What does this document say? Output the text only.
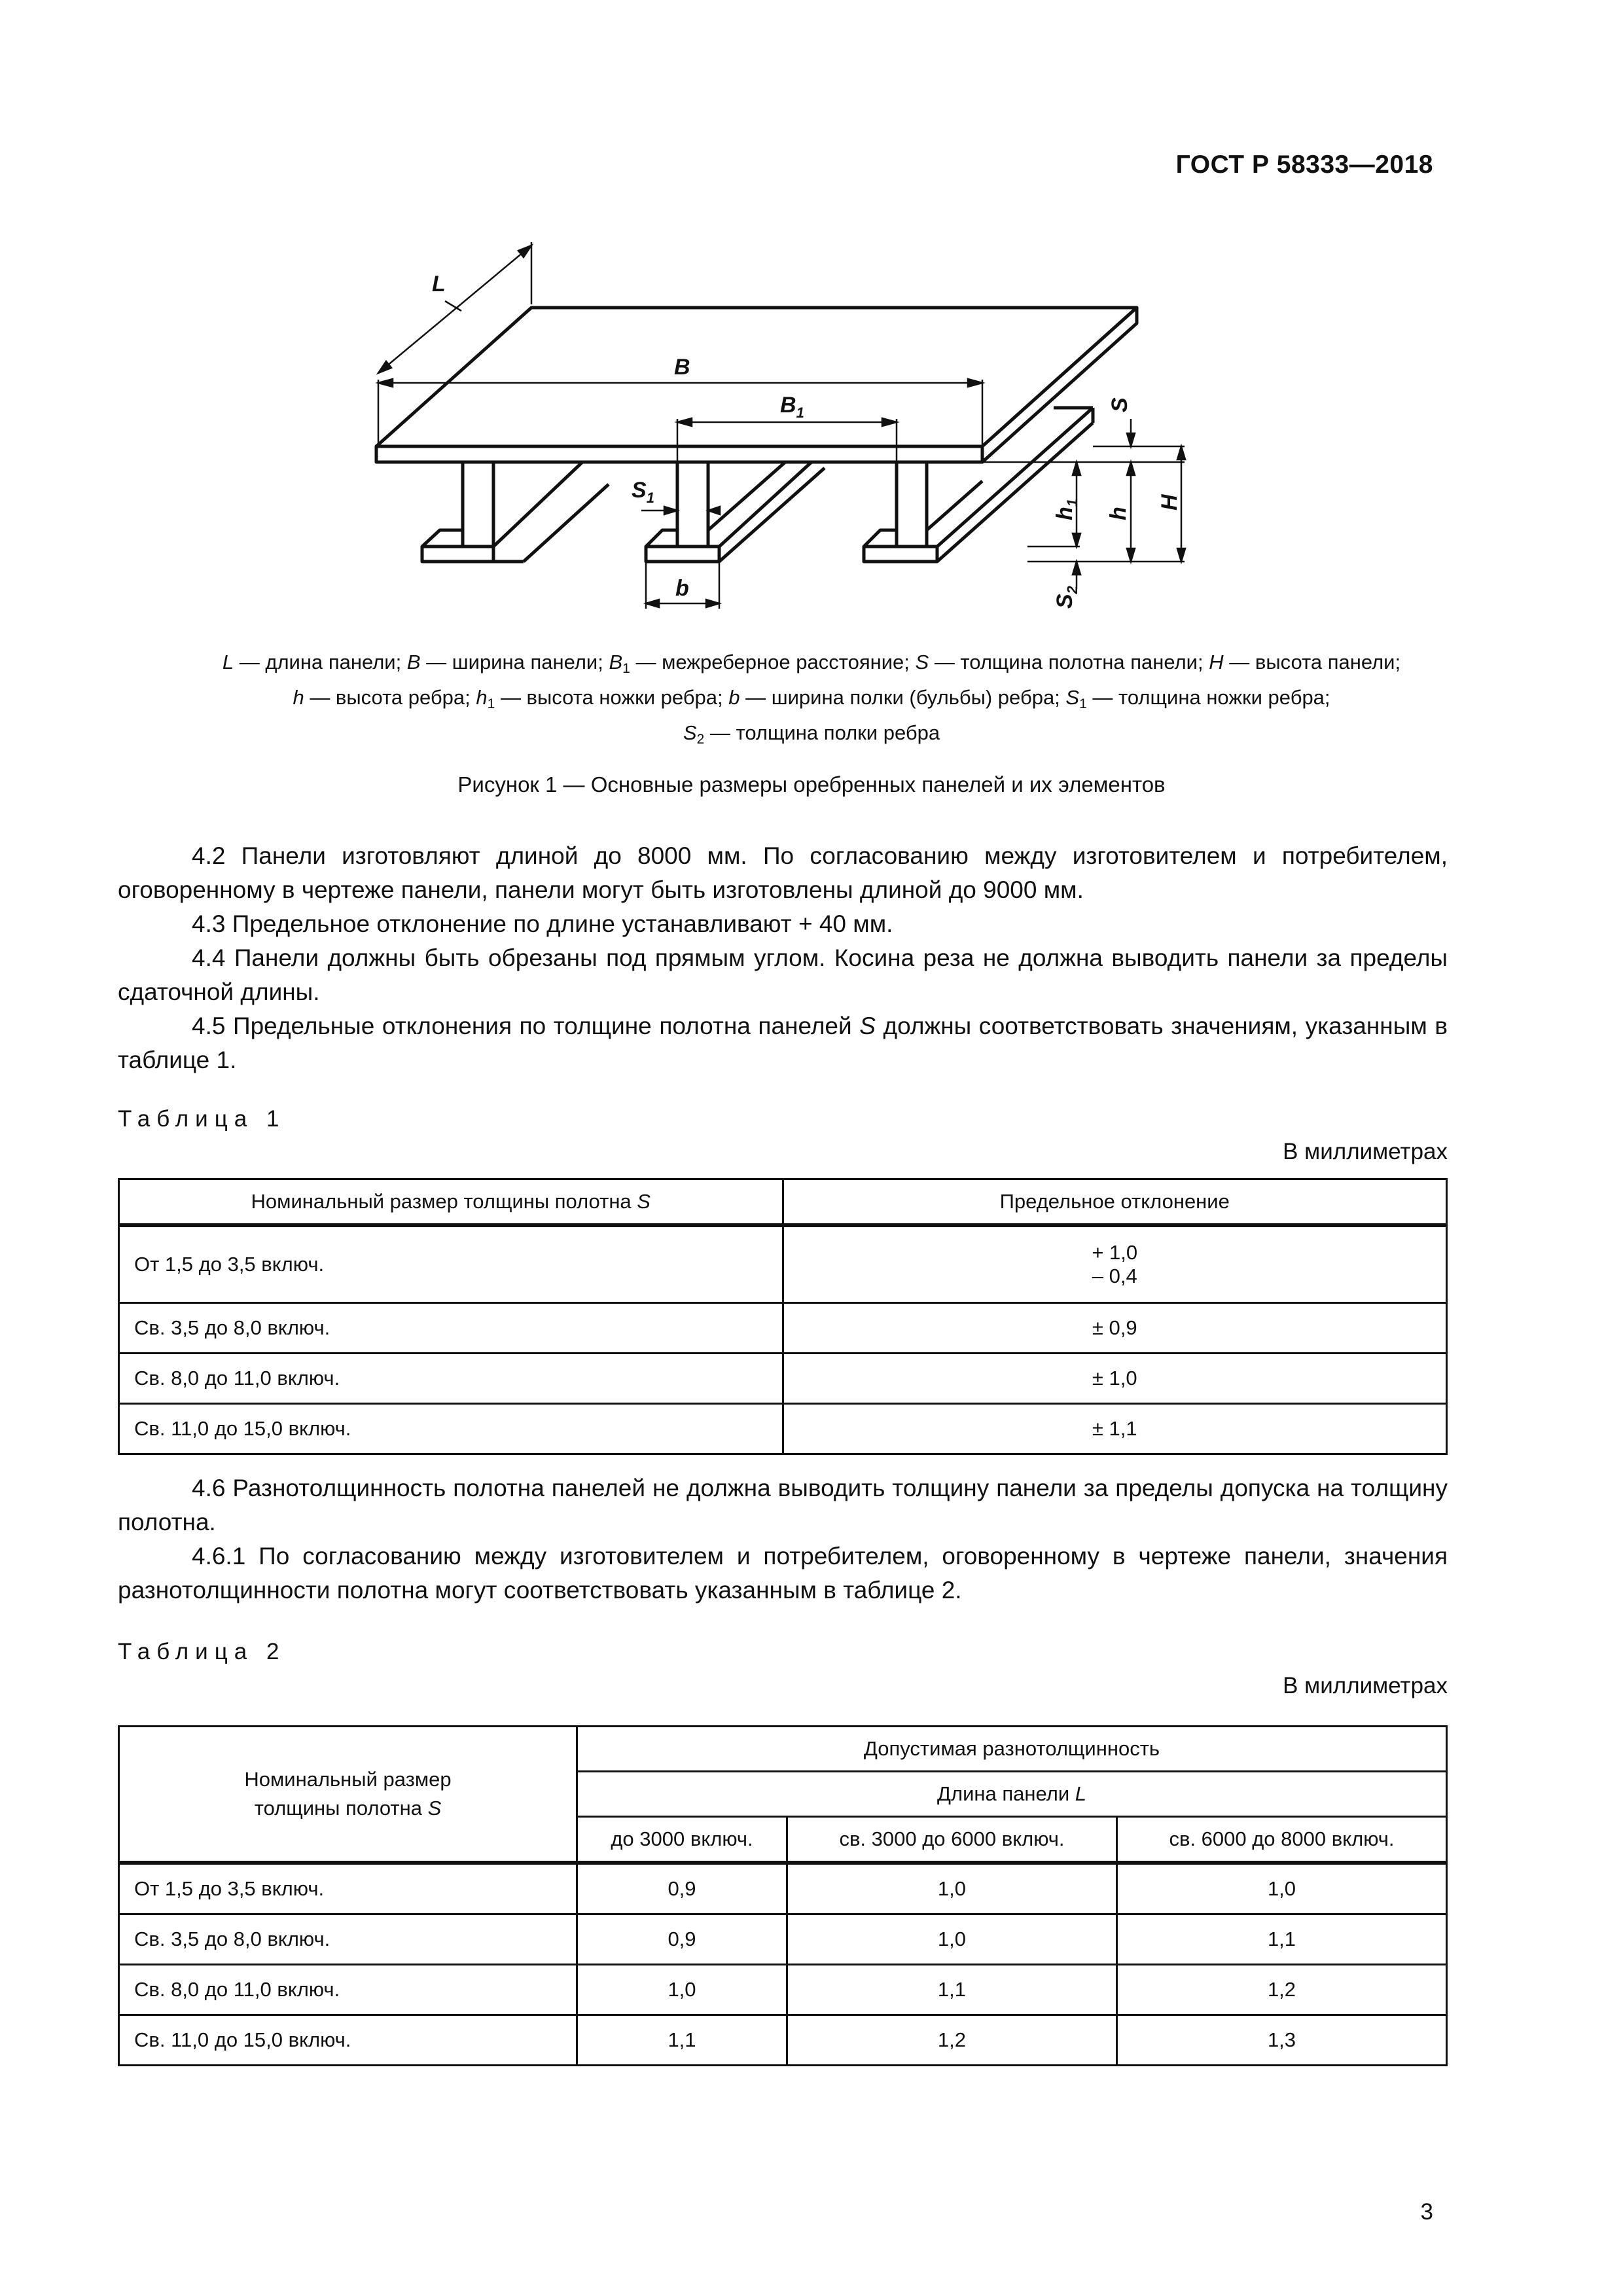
ГОСТ Р 58333—2018
L
B
$B_1$
$S_1$
b
S
$h_1$
h
H
$S_2$
L — длина панели; B — ширина панели; $B_1$ — межреберное расстояние; S — толщина полотна панели; H — высота панели;
h — высота ребра; $h_1$ — высота ножки ребра; b — ширина полки (бульбы) ребра; $S_1$ — толщина ножки ребра;
$S_2$ — толщина полки ребра
Рисунок 1 — Основные размеры оребренных панелей и их элементов
4.2 Панели изготовляют длиной до 8000 мм. По согласованию между изготовителем и потребителем, оговоренному в чертеже панели, панели могут быть изготовлены длиной до 9000 мм.
4.3 Предельное отклонение по длине устанавливают + 40 мм.
4.4 Панели должны быть обрезаны под прямым углом. Косина реза не должна выводить панели за пределы сдаточной длины.
4.5 Предельные отклонения по толщине полотна панелей S должны соответствовать значениям, указанным в таблице 1.
Таблица 1
В миллиметрах
Номинальный размер толщины полотна S	Предельное отклонение
От 1,5 до 3,5 включ.	+ 1,0
– 0,4

Св. 3,5 до 8,0 включ.	± 0,9
Св. 8,0 до 11,0 включ.	± 1,0
Св. 11,0 до 15,0 включ.	± 1,1
4.6 Разнотолщинность полотна панелей не должна выводить толщину панели за пределы допуска на толщину полотна.
4.6.1 По согласованию между изготовителем и потребителем, оговоренному в чертеже панели, значения разнотолщинности полотна могут соответствовать указанным в таблице 2.
Таблица 2
В миллиметрах
Номинальный размер
толщины полотна S	Допустимая разнотолщинность		
	Длина панели L		
	до 3000 включ.	св. 3000 до 6000 включ.	св. 6000 до 8000 включ.
От 1,5 до 3,5 включ.	0,9	1,0	1,0
Св. 3,5 до 8,0 включ.	0,9	1,0	1,1
Св. 8,0 до 11,0 включ.	1,0	1,1	1,2
Св. 11,0 до 15,0 включ.	1,1	1,2	1,3
3
